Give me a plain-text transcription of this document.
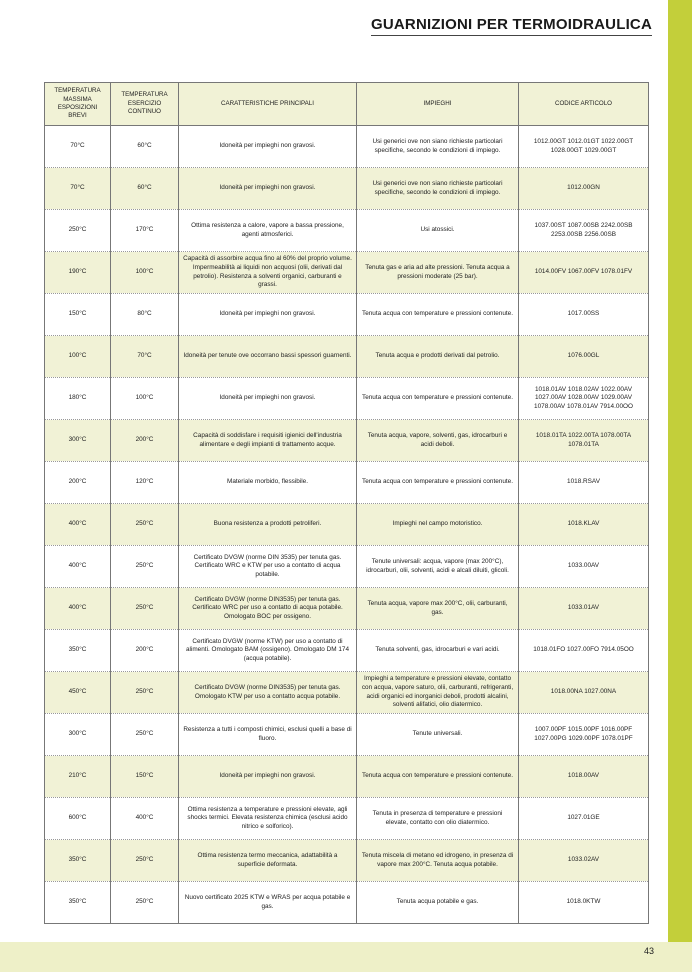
GUARNIZIONI PER TERMOIDRAULICA
TEMPERATURA MASSIMA ESPOSIZIONI BREVI	TEMPERATURA ESERCIZIO CONTINUO	CARATTERISTICHE PRINCIPALI	IMPIEGHI	CODICE ARTICOLO
70°C	60°C	Idoneità per impieghi non gravosi.	Usi generici ove non siano richieste particolari specifiche, secondo le condizioni di impiego.	1012.00GT 1012.01GT 1022.00GT 1028.00GT 1029.00GT
70°C	60°C	Idoneità per impieghi non gravosi.	Usi generici ove non siano richieste particolari specifiche, secondo le condizioni di impiego.	1012.00GN
250°C	170°C	Ottima resistenza a calore, vapore a bassa pressione, agenti atmosferici.	Usi atossici.	1037.00ST 1087.00SB 2242.00SB 2253.00SB 2256.00SB
190°C	100°C	Capacità di assorbire acqua fino al 60% del proprio volume. Impermeabilità ai liquidi non acquosi (olii, derivati dal petrolio). Resistenza a solventi organici, carburanti e grassi.	Tenuta gas e aria ad alte pressioni. Tenuta acqua a pressioni moderate (25 bar).	1014.00FV 1067.00FV 1078.01FV
150°C	80°C	Idoneità per impieghi non gravosi.	Tenuta acqua con temperature e pressioni contenute.	1017.00SS
100°C	70°C	Idoneità per tenute ove occorrano bassi spessori guarnenti.	Tenuta acqua e prodotti derivati dal petrolio.	1076.00GL
180°C	100°C	Idoneità per impieghi non gravosi.	Tenuta acqua con temperature e pressioni contenute.	1018.01AV 1018.02AV 1022.00AV 1027.00AV 1028.00AV 1029.00AV 1078.00AV 1078.01AV 7914.00OO
300°C	200°C	Capacità di soddisfare i requisiti igienici dell'industria alimentare e degli impianti di trattamento acque.	Tenuta acqua, vapore, solventi, gas, idrocarburi e acidi deboli.	1018.01TA 1022.00TA 1078.00TA 1078.01TA
200°C	120°C	Materiale morbido, flessibile.	Tenuta acqua con temperature e pressioni contenute.	1018.RSAV
400°C	250°C	Buona resistenza a prodotti petroliferi.	Impieghi nel campo motoristico.	1018.KLAV
400°C	250°C	Certificato DVGW (norme DIN 3535) per tenuta gas. Certificato WRC e KTW per uso a contatto di acqua potabile.	Tenute universali: acqua, vapore (max 200°C), idrocarburi, olii, solventi, acidi e alcali diluiti, glicoli.	1033.00AV
400°C	250°C	Certificato DVGW (norme DIN3535) per tenuta gas. Certificato WRC per uso a contatto di acqua potabile. Omologato BOC per ossigeno.	Tenuta acqua, vapore max 200°C, olii, carburanti, gas.	1033.01AV
350°C	200°C	Certificato DVGW (norme KTW) per uso a contatto di alimenti. Omologato BAM (ossigeno). Omologato DM 174 (acqua potabile).	Tenuta solventi, gas, idrocarburi e vari acidi.	1018.01FO 1027.00FO 7914.05OO
450°C	250°C	Certificato DVGW (norme DIN3535) per tenuta gas. Omologato KTW per uso a contatto acqua potabile.	Impieghi a temperature e pressioni elevate, contatto con acqua, vapore saturo, olii, carburanti, refrigeranti, acidi organici ed inorganici deboli, prodotti alcalini, solventi alifatici, olio diatermico.	1018.00NA 1027.00NA
300°C	250°C	Resistenza a tutti i composti chimici, esclusi quelli a base di fluoro.	Tenute universali.	1007.00PF 1015.00PF 1016.00PF 1027.00PG 1029.00PF 1078.01PF
210°C	150°C	Idoneità per impieghi non gravosi.	Tenuta acqua con temperature e pressioni contenute.	1018.00AV
600°C	400°C	Ottima resistenza a temperature e pressioni elevate, agli shocks termici. Elevata resistenza chimica (esclusi acido nitrico e solforico).	Tenuta in presenza di temperature e pressioni elevate, contatto con olio diatermico.	1027.01GE
350°C	250°C	Ottima resistenza termo meccanica, adattabilità a superficie deformata.	Tenuta miscela di metano ed idrogeno, in presenza di vapore max 200°C. Tenuta acqua potabile.	1033.02AV
350°C	250°C	Nuovo certificato 2025 KTW e WRAS per acqua potabile e gas.	Tenuta acqua potabile e gas.	1018.0KTW
43
